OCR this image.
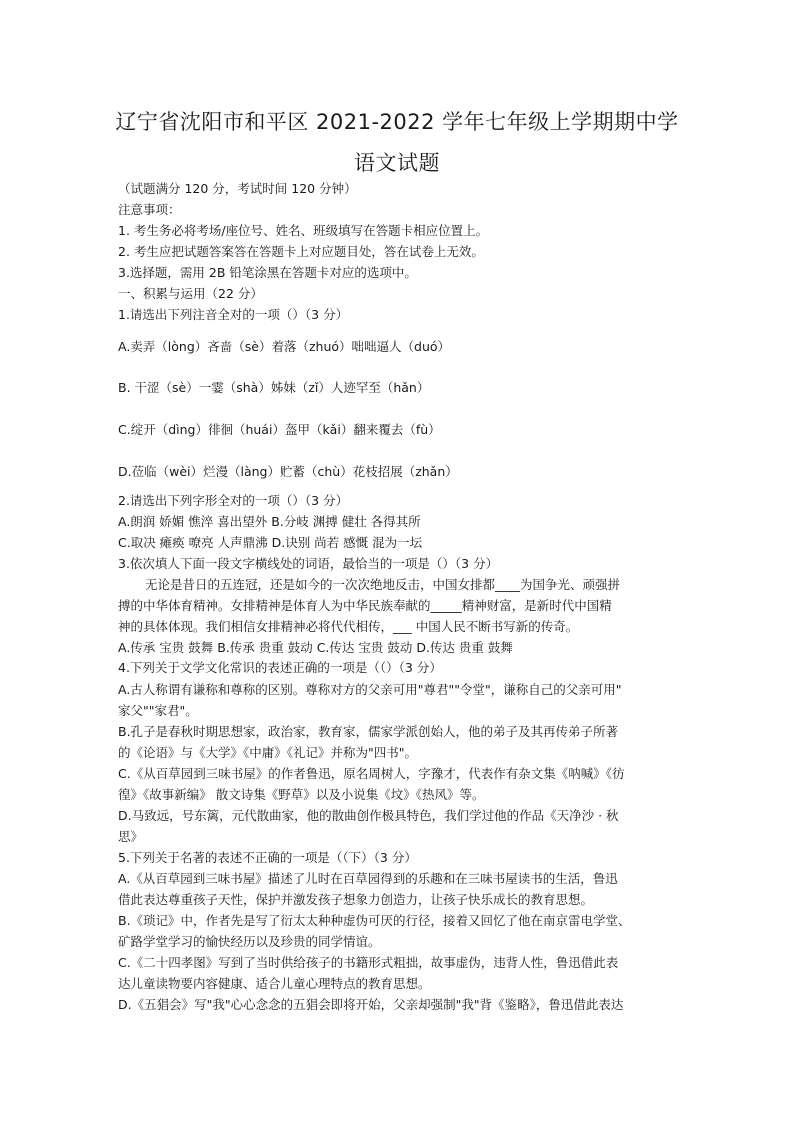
辽宁省沈阳市和平区 2021-2022 学年七年级上学期期中学
语文试题
（试题满分 120 分，考试时间 120 分钟）
注意事项：
1. 考生务必将考场/座位号、姓名、班级填写在答题卡相应位置上。
2. 考生应把试题答案答在答题卡上对应题目处，答在试卷上无效。
3.选择题，需用 2B 铅笔涂黑在答题卡对应的选项中。
一、积累与运用（22 分）
1.请选出下列注音全对的一项（）（3 分）
A.卖弄（lòng）吝啬（sè）着落（zhuó）咄咄逼人（duó）
B. 干涩（sè）一霎（shà）姊妹（zǐ）人迹罕至（hǎn）
C.绽开（dìng）徘徊（huái）盔甲（kǎi）翻来覆去（fù）
D.莅临（wèi）烂漫（làng）贮蓄（chù）花枝招展（zhǎn）
2.请选出下列字形全对的一项（）（3 分）
A.朗润 娇媚 憔淬 喜出望外 B.分岐 渊搏 健壮 各得其所
C.取决 瘫痪 嘹亮 人声鼎沸 D.诀别 尚若 感慨 混为一坛
3.依次填人下面一段文字横线处的词语，最恰当的一项是（）（3 分）
无论是昔日的五连冠，还是如今的一次次绝地反击，中国女排都____为国争光、顽强拼
搏的中华体育精神。女排精神是体育人为中华民族奉献的_____精神财富，是新时代中国精
神的具体体现。我们相信女排精神必将代代相传，___ 中国人民不断书写新的传奇。
A.传承 宝贵 鼓舞 B.传承 贵重 鼓动 C.传达 宝贵 鼓动 D.传达 贵重 鼓舞
4.下列关于文学文化常识的表述正确的一项是（（）（3 分）
A.古人称谓有谦称和尊称的区别。尊称对方的父亲可用"尊君""令堂"，谦称自己的父亲可用"
家父""家君"。
B.孔子是春秋时期思想家，政治家，教育家，儒家学派创始人，他的弟子及其再传弟子所著
的《论语》与《大学》《中庸》《礼记》并称为"四书"。
C.《从百草园到三味书屋》的作者鲁迅，原名周树人，字豫才，代表作有杂文集《呐喊》《彷
徨》《故事新编》 散文诗集《野草》以及小说集《坟》《热风》等。
D.马致远，号东篱，元代散曲家，他的散曲创作极具特色，我们学过他的作品《天净沙 · 秋
思》
5.下列关于名著的表述不正确的一项是（（下）（3 分）
A.《从百草园到三味书屋》描述了儿时在百草园得到的乐趣和在三味书屋读书的生活，鲁迅
借此表达尊重孩子天性，保护并激发孩子想象力创造力，让孩子快乐成长的教育思想。
B.《琐记》中，作者先是写了衍太太种种虚伪可厌的行径，接着又回忆了他在南京雷电学堂、
矿路学堂学习的愉快经历以及珍贵的同学情谊。
C.《二十四孝图》写到了当时供给孩子的书籍形式粗拙，故事虚伪，违背人性，鲁迅借此表
达儿童读物要内容健康、适合儿童心理特点的教育思想。
D.《五猖会》写"我"心心念念的五猖会即将开始，父亲却强制"我"背《鉴略》，鲁迅借此表达
